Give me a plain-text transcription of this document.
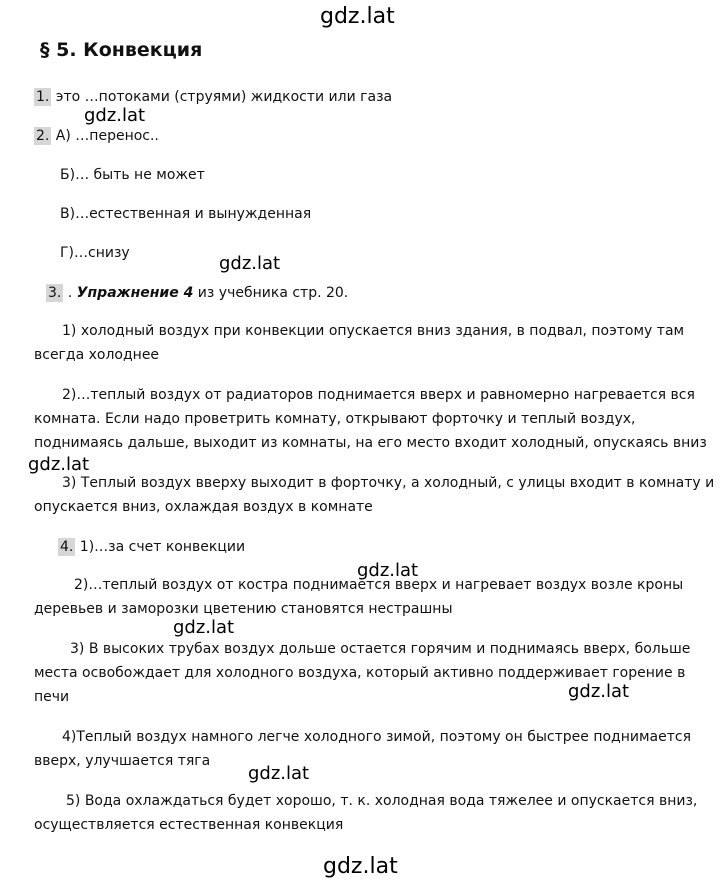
gdz.lat
gdz.lat
gdz.lat
gdz.lat
gdz.lat
gdz.lat
gdz.lat
gdz.lat
gdz.lat
§ 5. Конвекция
1. это …потоками (струями) жидкости или газа
2. А) …перенос..
Б)… быть не может
В)…естественная и вынужденная
Г)…снизу
3. . Упражнение 4 из учебника стр. 20.
1) холодный воздух при конвекции опускается вниз здания, в подвал, поэтому там
всегда холоднее
2)…теплый воздух от радиаторов поднимается вверх и равномерно нагревается вся
комната. Если надо проветрить комнату, открывают форточку и теплый воздух,
поднимаясь дальше, выходит из комнаты, на его место входит холодный, опускаясь вниз
3) Теплый воздух вверху выходит в форточку, а холодный, с улицы входит в комнату и
опускается вниз, охлаждая воздух в комнате
4. 1)…за счет конвекции
2)…теплый воздух от костра поднимается вверх и нагревает воздух возле кроны
деревьев и заморозки цветению становятся нестрашны
3) В высоких трубах воздух дольше остается горячим и поднимаясь вверх, больше
места освобождает для холодного воздуха, который активно поддерживает горение в
печи
4)Теплый воздух намного легче холодного зимой, поэтому он быстрее поднимается
вверх, улучшается тяга
5) Вода охлаждаться будет хорошо, т. к. холодная вода тяжелее и опускается вниз,
осуществляется естественная конвекция
